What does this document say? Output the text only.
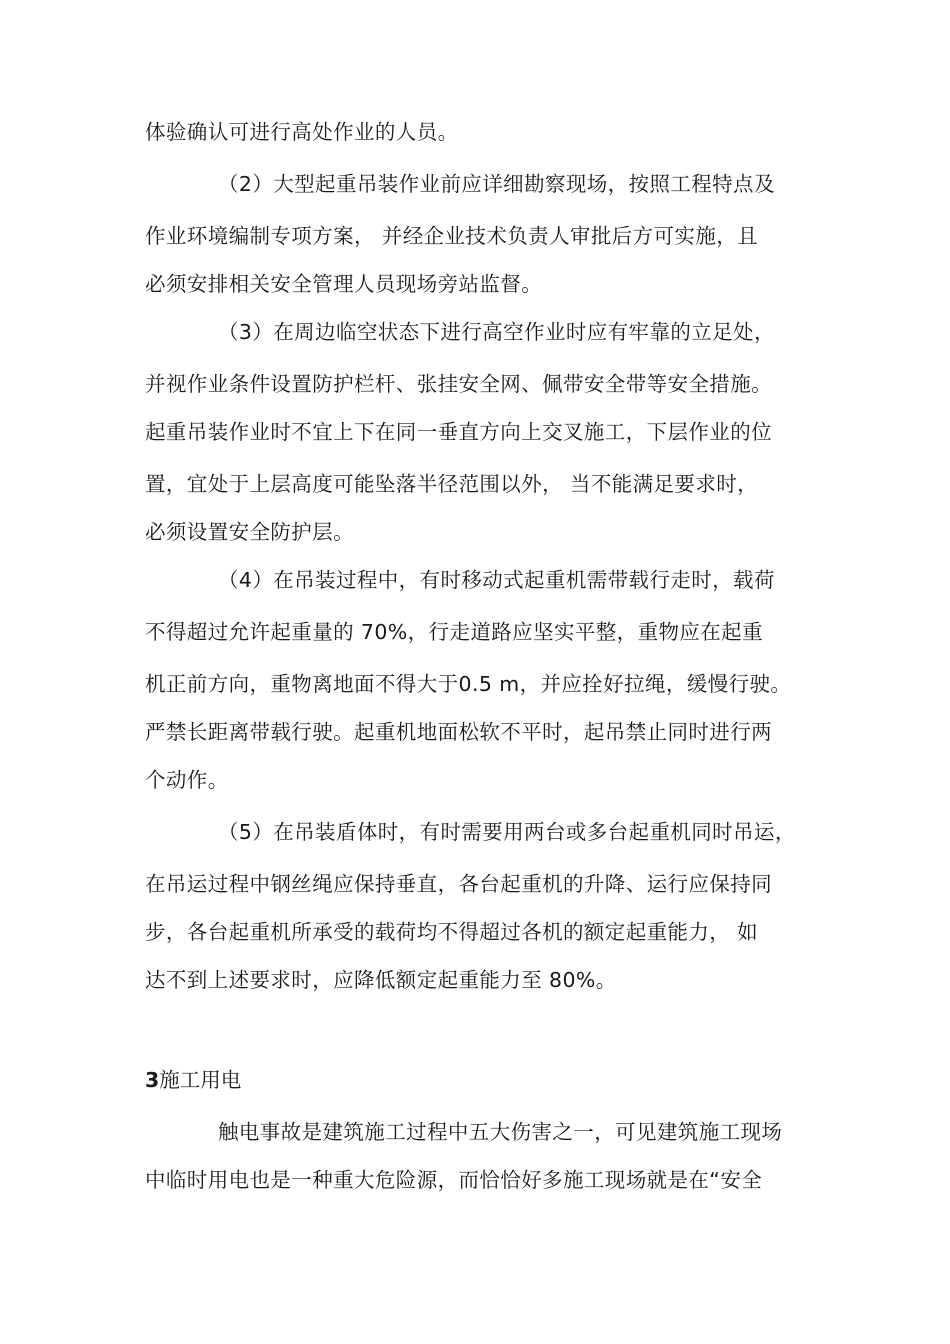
体验确认可进行高处作业的人员。
（2）大型起重吊装作业前应详细勘察现场，按照工程特点及
作业环境编制专项方案， 并经企业技术负责人审批后方可实施，且
必须安排相关安全管理人员现场旁站监督。
（3）在周边临空状态下进行高空作业时应有牢靠的立足处，
并视作业条件设置防护栏杆、张挂安全网、佩带安全带等安全措施。
起重吊装作业时不宜上下在同一垂直方向上交叉施工，下层作业的位
置，宜处于上层高度可能坠落半径范围以外， 当不能满足要求时，
必须设置安全防护层。
（4）在吊装过程中，有时移动式起重机需带载行走时，载荷
不得超过允许起重量的 70%，行走道路应坚实平整，重物应在起重
机正前方向，重物离地面不得大于0.5 m，并应拴好拉绳，缓慢行驶。
严禁长距离带载行驶。起重机地面松软不平时，起吊禁止同时进行两
个动作。
（5）在吊装盾体时，有时需要用两台或多台起重机同时吊运，
在吊运过程中钢丝绳应保持垂直，各台起重机的升降、运行应保持同
步，各台起重机所承受的载荷均不得超过各机的额定起重能力， 如
达不到上述要求时，应降低额定起重能力至 80%。
3施工用电
触电事故是建筑施工过程中五大伤害之一，可见建筑施工现场
中临时用电也是一种重大危险源，而恰恰好多施工现场就是在“安全
